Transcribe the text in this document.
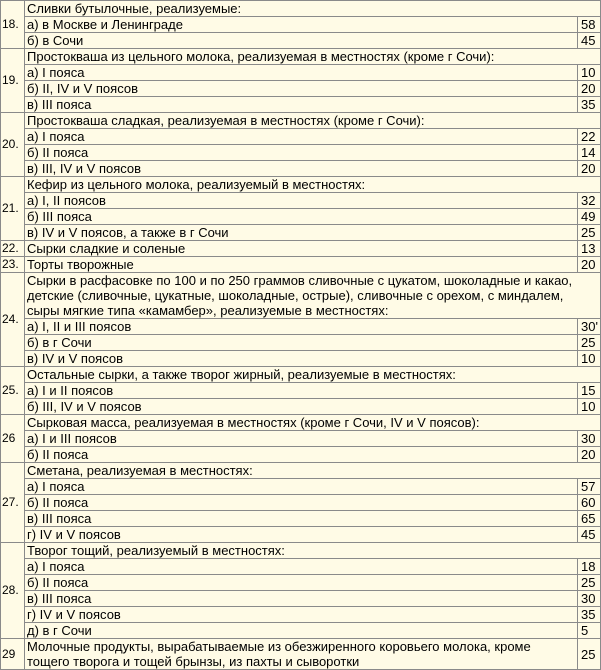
18.	Сливки бутылочные, реализуемые:	
	а) в Москве и Ленинграде	58
	б) в Сочи	45
19.	Простокваша из цельного молока, реализуемая в местностях (кроме г Сочи):	
	а) I пояса	10
	б) II, IV и V поясов	20
	в) III пояса	35
20.	Простокваша сладкая, реализуемая в местностях (кроме г Сочи):	
	а) I пояса	22
	б) II пояса	14
	в) III, IV и V поясов	20
21.	Кефир из цельного молока, реализуемый в местностях:	
	а) I, II поясов	32
	б) III пояса	49
	в) IV и V поясов, а также в г Сочи	25
22.	Сырки сладкие и соленые	13
23.	Торты творожные	20
24.	Сырки в расфасовке по 100 и по 250 граммов сливочные с цукатом, шоколадные и какао,
детские (сливочные, цукатные, шоколадные, острые), сливочные с орехом, с миндалем,
сыры мягкие типа «камамбер», реализуемые в местностях:	

	а) I, II и III поясов	30'
	б) в г Сочи	25
	в) IV и V поясов	10
25.	Остальные сырки, а также творог жирный, реализуемые в местностях:	
	а) I и II поясов	15
	б) III, IV и V поясов	10
26	Сырковая масса, реализуемая в местностях (кроме г Сочи, IV и V поясов):	
	а) I и III поясов	30
	б) II пояса	20
27.	Сметана, реализуемая в местностях:	
	а) I пояса	57
	б) II пояса	60
	в) III пояса	65
	г) IV и V поясов	45
28.	Творог тощий, реализуемый в местностях:	
	а) I пояса	18
	б) II пояса	25
	в) III пояса	30
	г) IV и V поясов	35
	д) в г Сочи	5
29	Молочные продукты, вырабатываемые из обезжиренного коровьего молока, кроме
тощего творога и тощей брынзы, из пахты и сыворотки	25
